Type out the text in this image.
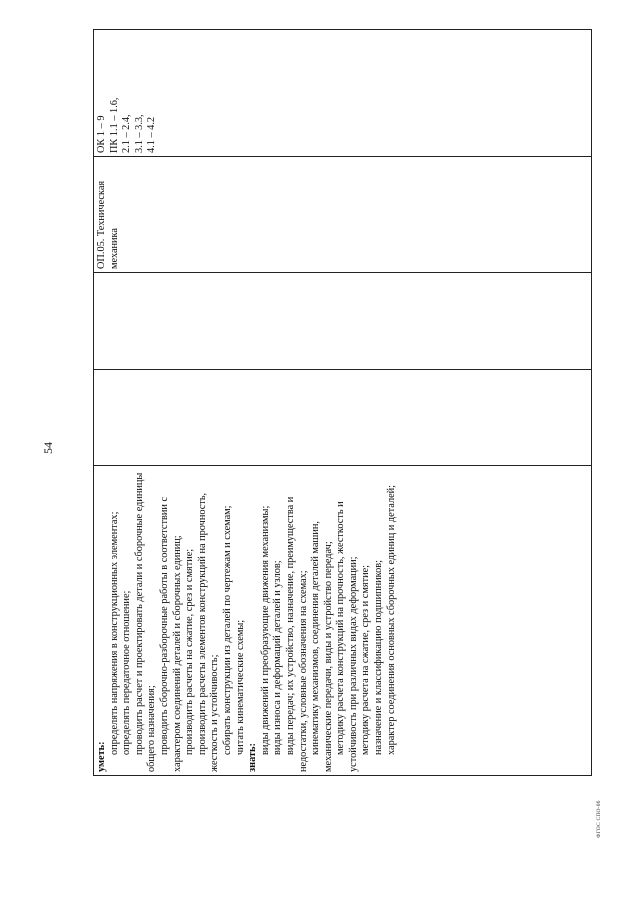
54

уметь:

определять напряжения в конструкционных элементах; определять передаточное отношение; проводить расчет и проектировать детали и сборочные единицы общего назначения; проводить сборочно-разборочные работы в соответствии с характером соединений деталей и сборочных единиц; производить расчеты на сжатие, срез и смятие; производить расчеты элементов конструкций на прочность, жесткость и устойчивость; собирать конструкции из деталей по чертежам и схемам; читать кинематические схемы;

знать:

виды движений и преобразующие движения механизмы; виды износа и деформаций деталей и узлов; виды передач; их устройство, назначение, преимущества и недостатки, условные обозначения на схемах; кинематику механизмов, соединения деталей машин, механические передачи, виды и устройство передач; методику расчета конструкций на прочность, жесткость и устойчивость при различных видах деформации; методику расчета на сжатие, срез и смятие; назначение и классификацию подшипников; характер соединения основных сборочных единиц и деталей;

ОП.05. Техническая механика

ОК 1 – 9 ПК 1.1 – 1.6, 2.1 – 2.4, 3.1 – 3.3, 4.1 – 4.2

ФГОС СПО-06
